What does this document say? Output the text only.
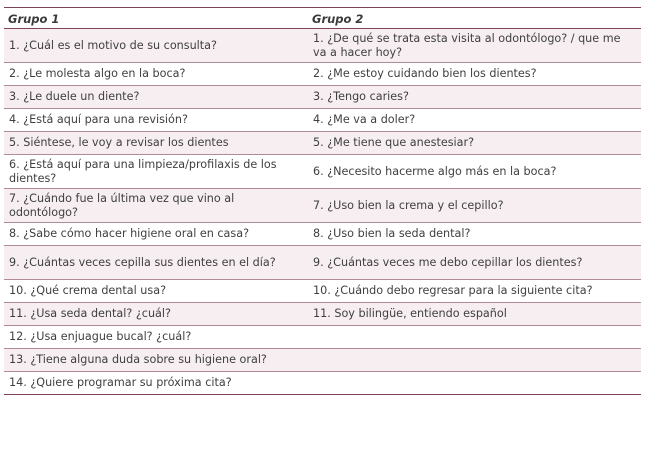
Grupo 1	Grupo 2
1. ¿Cuál es el motivo de su consulta?	1. ¿De qué se trata esta visita al odontólogo? / que me va a hacer hoy?
2. ¿Le molesta algo en la boca?	2. ¿Me estoy cuidando bien los dientes?
3. ¿Le duele un diente?	3. ¿Tengo caries?
4. ¿Está aquí para una revisión?	4. ¿Me va a doler?
5. Siéntese, le voy a revisar los dientes	5. ¿Me tiene que anestesiar?
6. ¿Está aquí para una limpieza/profilaxis de los dientes?	6. ¿Necesito hacerme algo más en la boca?
7. ¿Cuándo fue la última vez que vino al odontólogo?	7. ¿Uso bien la crema y el cepillo?
8. ¿Sabe cómo hacer higiene oral en casa?	8. ¿Uso bien la seda dental?
9. ¿Cuántas veces cepilla sus dientes en el día?	9. ¿Cuántas veces me debo cepillar los dientes?
10. ¿Qué crema dental usa?	10. ¿Cuándo debo regresar para la siguiente cita?
11. ¿Usa seda dental? ¿cuál?	11. Soy bilingüe, entiendo español
12. ¿Usa enjuague bucal? ¿cuál?	
13. ¿Tiene alguna duda sobre su higiene oral?	
14. ¿Quiere programar su próxima cita?	
